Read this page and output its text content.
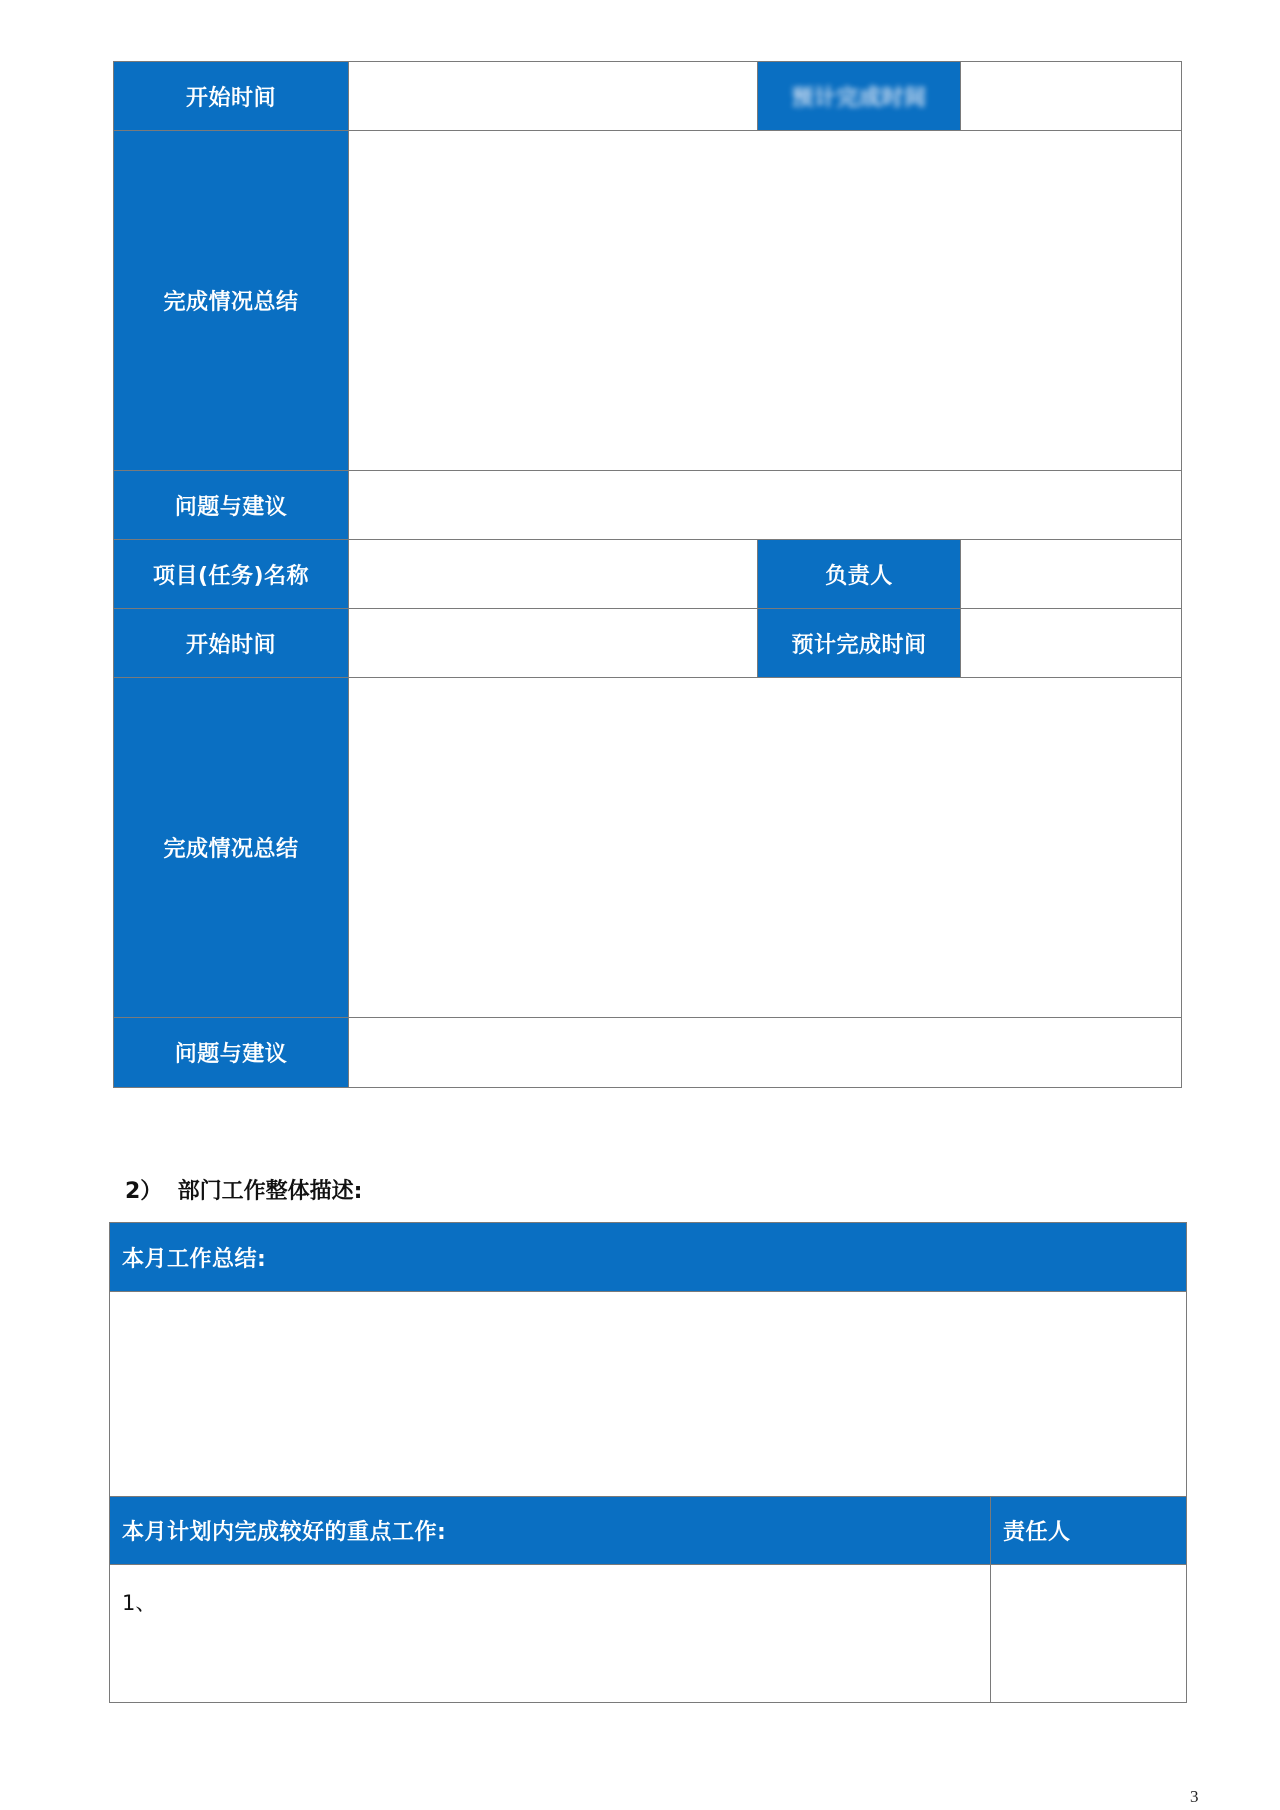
开始时间	预计完成时间
完成情况总结
问题与建议
项目(任务)名称	负责人
开始时间	预计完成时间
完成情况总结
问题与建议
2）  部门工作整体描述:
本月工作总结:
本月计划内完成较好的重点工作:	责任人
1、
3
